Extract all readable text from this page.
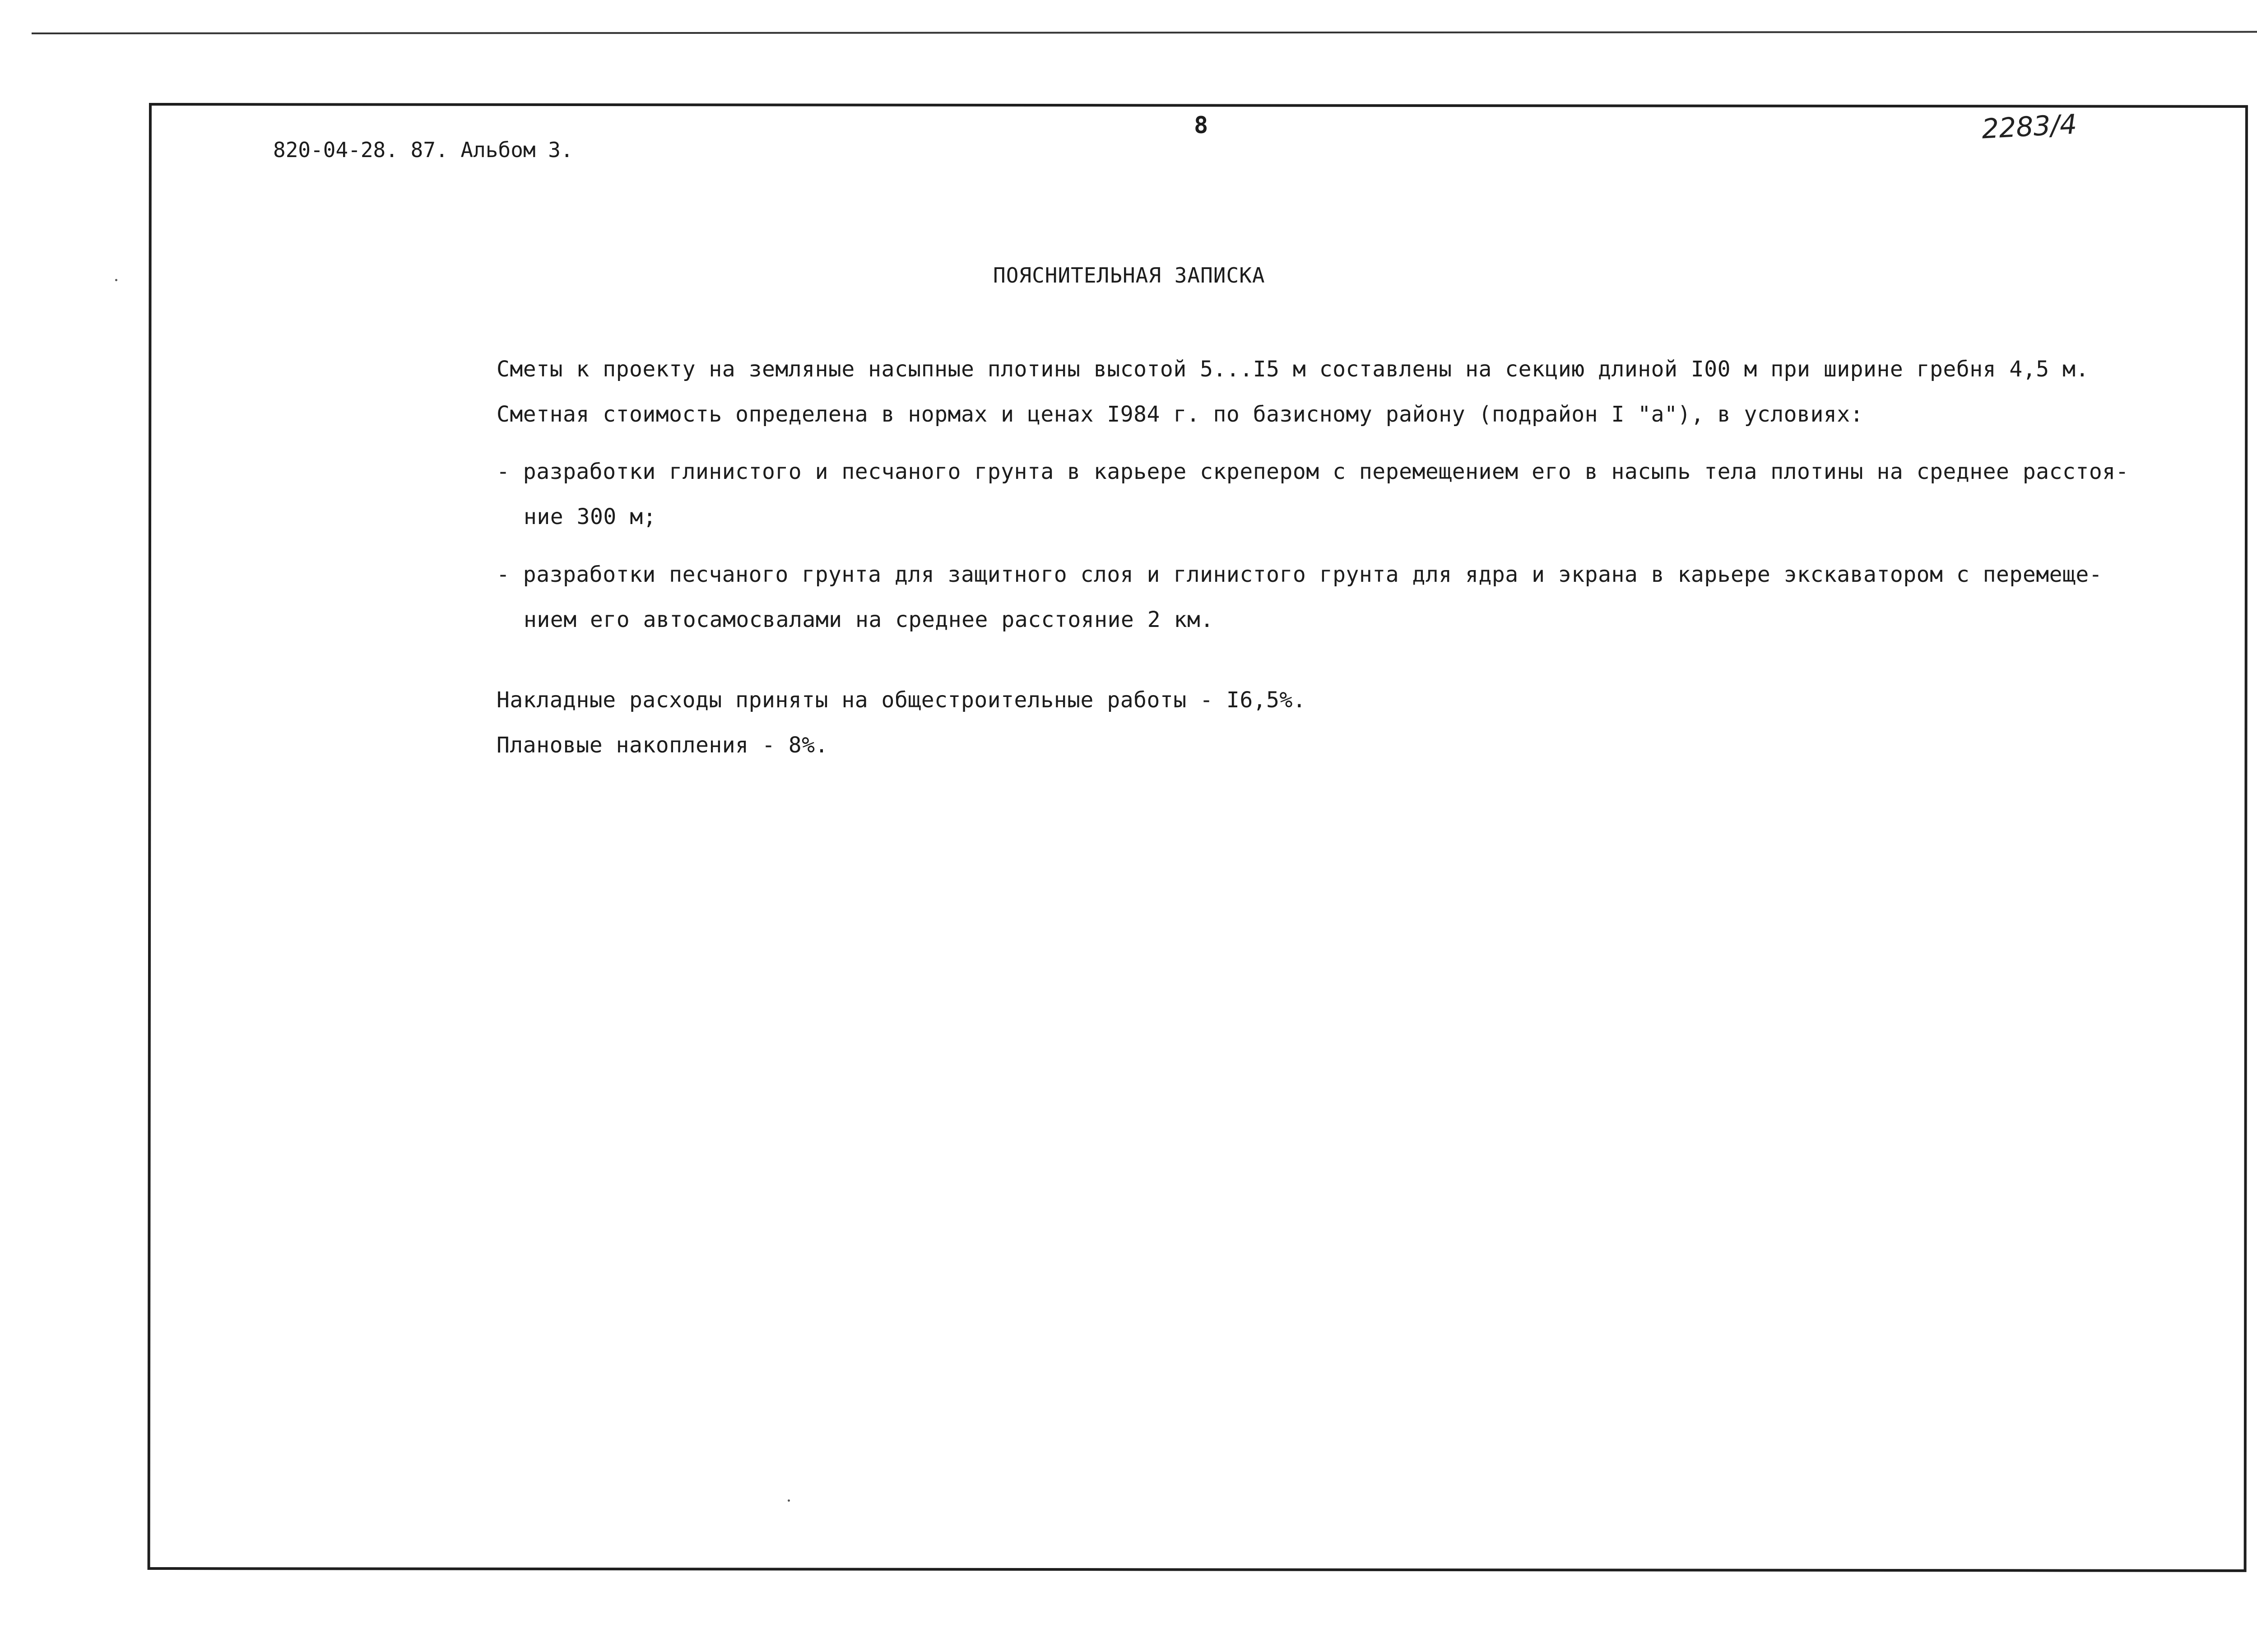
820-04-28. 87. Альбом 3.
8	2283/4
ПОЯСНИТЕЛЬНАЯ ЗАПИСКА
Сметы к проекту на земляные насыпные плотины высотой 5...I5 м составлены на секцию длиной I00 м при ширине гребня 4,5 м.
Сметная стоимость определена в нормах и ценах I984 г. по базисному району (подрайон I "а"), в условиях:
- разработки глинистого и песчаного грунта в карьере скрепером с перемещением его в насыпь тела плотины на среднее расстоя-
ние 300 м;
- разработки песчаного грунта для защитного слоя и глинистого грунта для ядра и экрана в карьере экскаватором с перемеще-
нием его автосамосвалами на среднее расстояние 2 км.
Накладные расходы приняты на общестроительные работы - I6,5%.
Плановые накопления - 8%.
